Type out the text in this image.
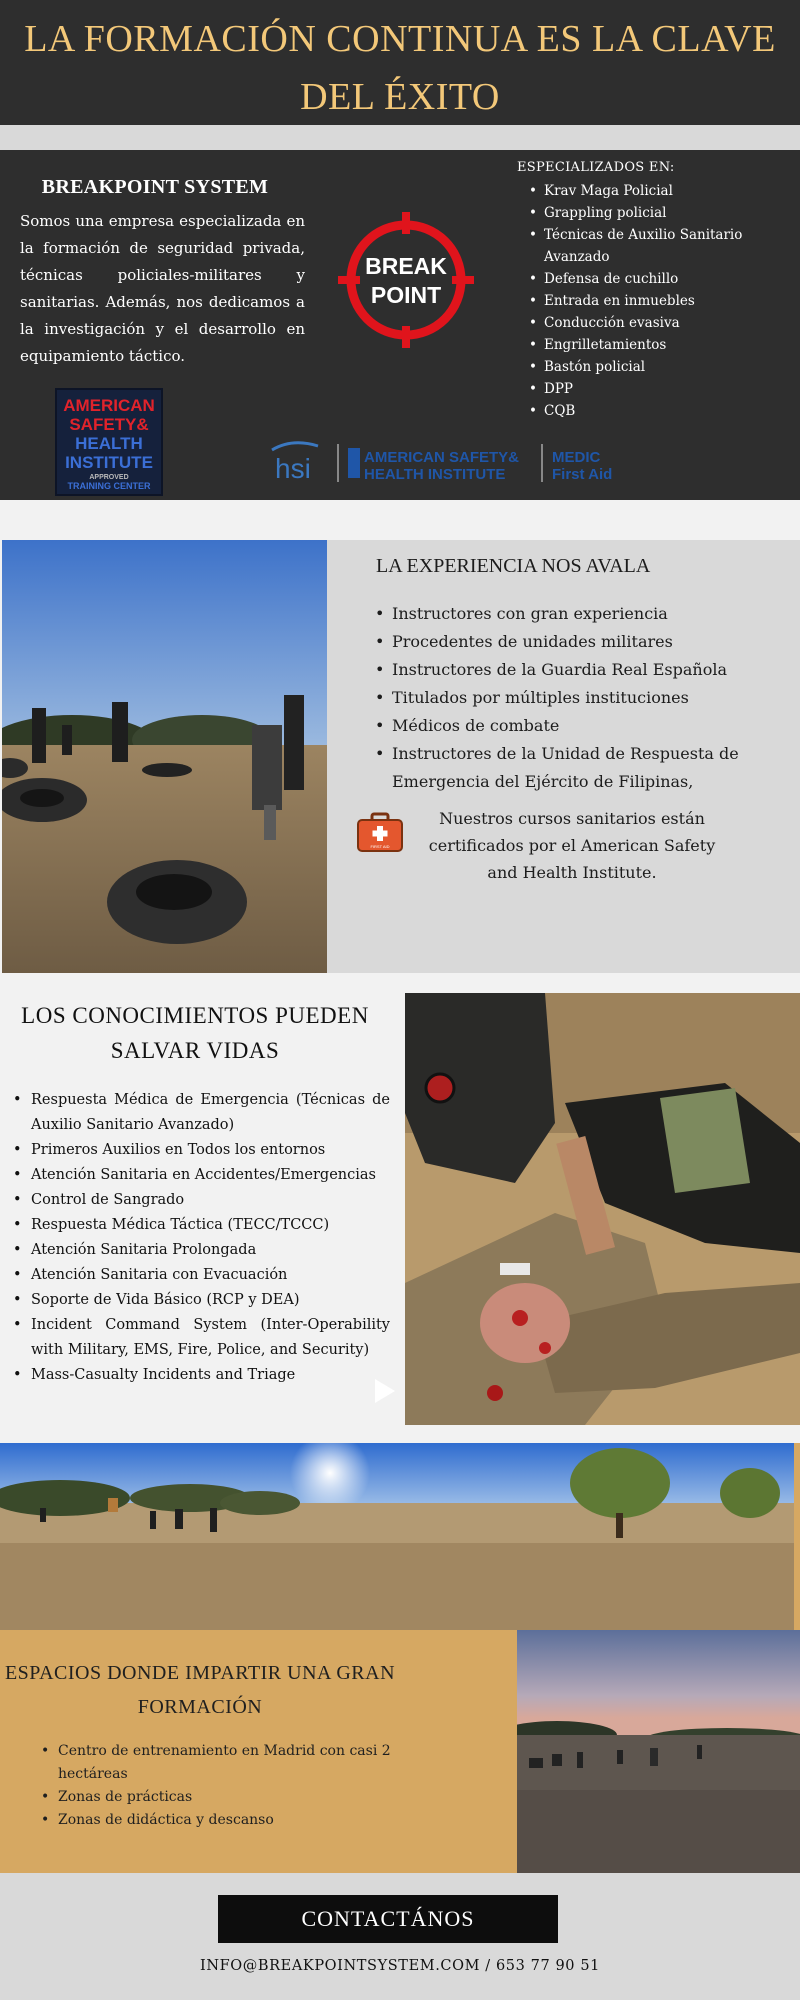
LA FORMACIÓN CONTINUA ES LA CLAVE DEL ÉXITO
BREAKPOINT SYSTEM
Somos una empresa especializada en la formación de seguridad privada, técnicas policiales-militares y sanitarias. Además, nos dedicamos a la investigación y el desarrollo en equipamiento táctico.
BREAK
POINT
AMERICAN
SAFETY&
HEALTH
INSTITUTE
APPROVED
TRAINING CENTER
hsi	AMERICAN SAFETY&
HEALTH INSTITUTE
MEDIC
First Aid
ESPECIALIZADOS EN:
• Krav Maga Policial
• Grappling policial
• Técnicas de Auxilio Sanitario Avanzado
• Defensa de cuchillo
• Entrada en inmuebles
• Conducción evasiva
• Engrilletamientos
• Bastón policial
• DPP
• CQB
LA EXPERIENCIA NOS AVALA
• Instructores con gran experiencia
• Procedentes de unidades militares
• Instructores de la Guardia Real Española
• Titulados por múltiples instituciones
• Médicos de combate
• Instructores de la Unidad de Respuesta de Emergencia del Ejército de Filipinas,
FIRST AID
Nuestros cursos sanitarios están certificados por el American Safety and Health Institute.
LOS CONOCIMIENTOS PUEDEN SALVAR VIDAS
• Respuesta Médica de Emergencia (Técnicas de Auxilio Sanitario Avanzado)
• Primeros Auxilios en Todos los entornos
• Atención Sanitaria en Accidentes/Emergencias
• Control de Sangrado
• Respuesta Médica Táctica (TECC/TCCC)
• Atención Sanitaria Prolongada
• Atención Sanitaria con Evacuación
• Soporte de Vida Básico (RCP y DEA)
• Incident Command System (Inter-Operability with Military, EMS, Fire, Police, and Security)
• Mass-Casualty Incidents and Triage
ESPACIOS DONDE IMPARTIR UNA GRAN FORMACIÓN
• Centro de entrenamiento en Madrid con casi 2 hectáreas
• Zonas de prácticas
• Zonas de didáctica y descanso
CONTACTÁNOS
INFO@BREAKPOINTSYSTEM.COM / 653 77 90 51
